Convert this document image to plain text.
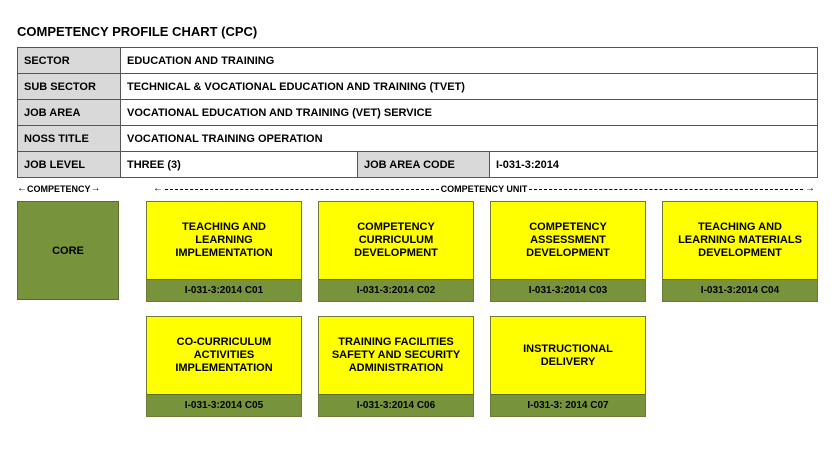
COMPETENCY PROFILE CHART (CPC)
SECTOR	EDUCATION AND TRAINING		
SUB SECTOR	TECHNICAL & VOCATIONAL EDUCATION AND TRAINING (TVET)		
JOB AREA	VOCATIONAL EDUCATION AND TRAINING (VET) SERVICE		
NOSS TITLE	VOCATIONAL TRAINING OPERATION		
JOB LEVEL	THREE (3)	JOB AREA CODE	I-031-3:2014
← COMPETENCY →	←	COMPETENCY UNIT	→
CORE
TEACHING AND LEARNING IMPLEMENTATION
I-031-3:2014 C01
COMPETENCY CURRICULUM DEVELOPMENT
I-031-3:2014 C02
COMPETENCY ASSESSMENT DEVELOPMENT
I-031-3:2014 C03
TEACHING AND LEARNING MATERIALS DEVELOPMENT
I-031-3:2014 C04
CO-CURRICULUM ACTIVITIES IMPLEMENTATION
I-031-3:2014 C05
TRAINING FACILITIES SAFETY AND SECURITY ADMINISTRATION
I-031-3:2014 C06
INSTRUCTIONAL DELIVERY
I-031-3: 2014 C07
